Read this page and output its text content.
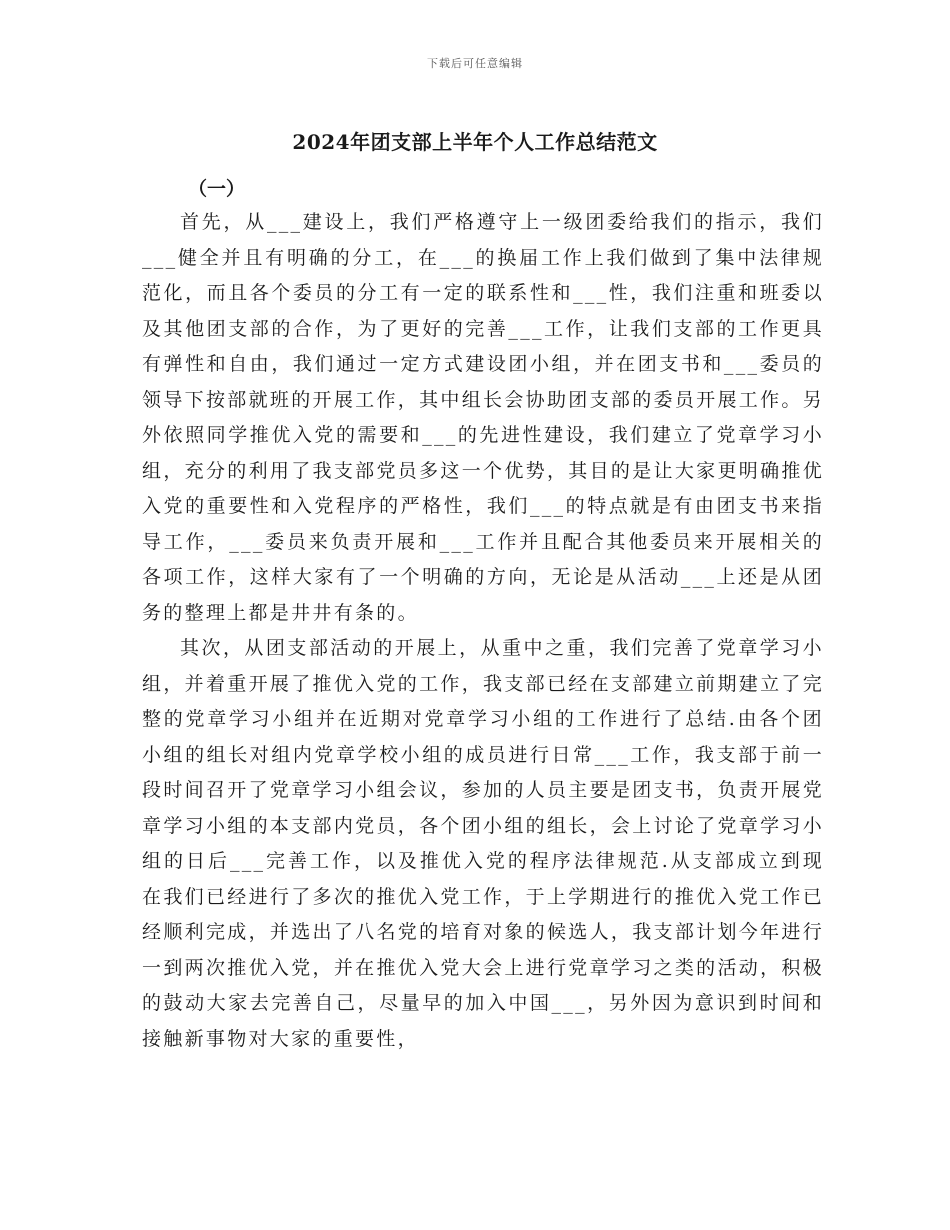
下载后可任意编辑
2024年团支部上半年个人工作总结范文
（一）

首先，从___建设上，我们严格遵守上一级团委给我们的指示，我们___健全并且有明确的分工，在___的换届工作上我们做到了集中法律规范化，而且各个委员的分工有一定的联系性和___性，我们注重和班委以及其他团支部的合作，为了更好的完善___工作，让我们支部的工作更具有弹性和自由，我们通过一定方式建设团小组，并在团支书和___委员的领导下按部就班的开展工作，其中组长会协助团支部的委员开展工作。另外依照同学推优入党的需要和___的先进性建设，我们建立了党章学习小组，充分的利用了我支部党员多这一个优势，其目的是让大家更明确推优入党的重要性和入党程序的严格性，我们___的特点就是有由团支书来指导工作，___委员来负责开展和___工作并且配合其他委员来开展相关的各项工作，这样大家有了一个明确的方向，无论是从活动___上还是从团务的整理上都是井井有条的。

其次，从团支部活动的开展上，从重中之重，我们完善了党章学习小组，并着重开展了推优入党的工作，我支部已经在支部建立前期建立了完整的党章学习小组并在近期对党章学习小组的工作进行了总结.由各个团小组的组长对组内党章学校小组的成员进行日常___工作，我支部于前一段时间召开了党章学习小组会议，参加的人员主要是团支书，负责开展党章学习小组的本支部内党员，各个团小组的组长，会上讨论了党章学习小组的日后___完善工作，以及推优入党的程序法律规范.从支部成立到现在我们已经进行了多次的推优入党工作，于上学期进行的推优入党工作已经顺利完成，并选出了八名党的培育对象的候选人，我支部计划今年进行一到两次推优入党，并在推优入党大会上进行党章学习之类的活动，积极的鼓动大家去完善自己，尽量早的加入中国___，另外因为意识到时间和接触新事物对大家的重要性，
